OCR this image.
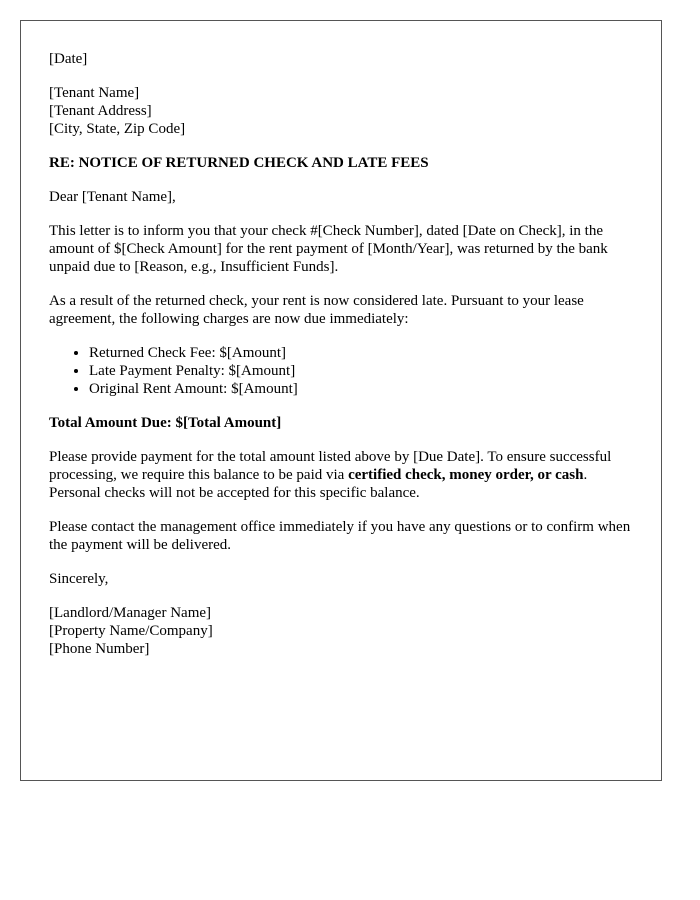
[Date]

[Tenant Name]
[Tenant Address]
[City, State, Zip Code]

RE: NOTICE OF RETURNED CHECK AND LATE FEES

Dear [Tenant Name],

This letter is to inform you that your check #[Check Number], dated [Date on Check], in the amount of $[Check Amount] for the rent payment of [Month/Year], was returned by the bank unpaid due to [Reason, e.g., Insufficient Funds].

As a result of the returned check, your rent is now considered late. Pursuant to your lease agreement, the following charges are now due immediately:

• Returned Check Fee: $[Amount]
• Late Payment Penalty: $[Amount]
• Original Rent Amount: $[Amount]

Total Amount Due: $[Total Amount]

Please provide payment for the total amount listed above by [Due Date]. To ensure successful processing, we require this balance to be paid via certified check, money order, or cash. Personal checks will not be accepted for this specific balance.

Please contact the management office immediately if you have any questions or to confirm when the payment will be delivered.

Sincerely,

[Landlord/Manager Name]
[Property Name/Company]
[Phone Number]
